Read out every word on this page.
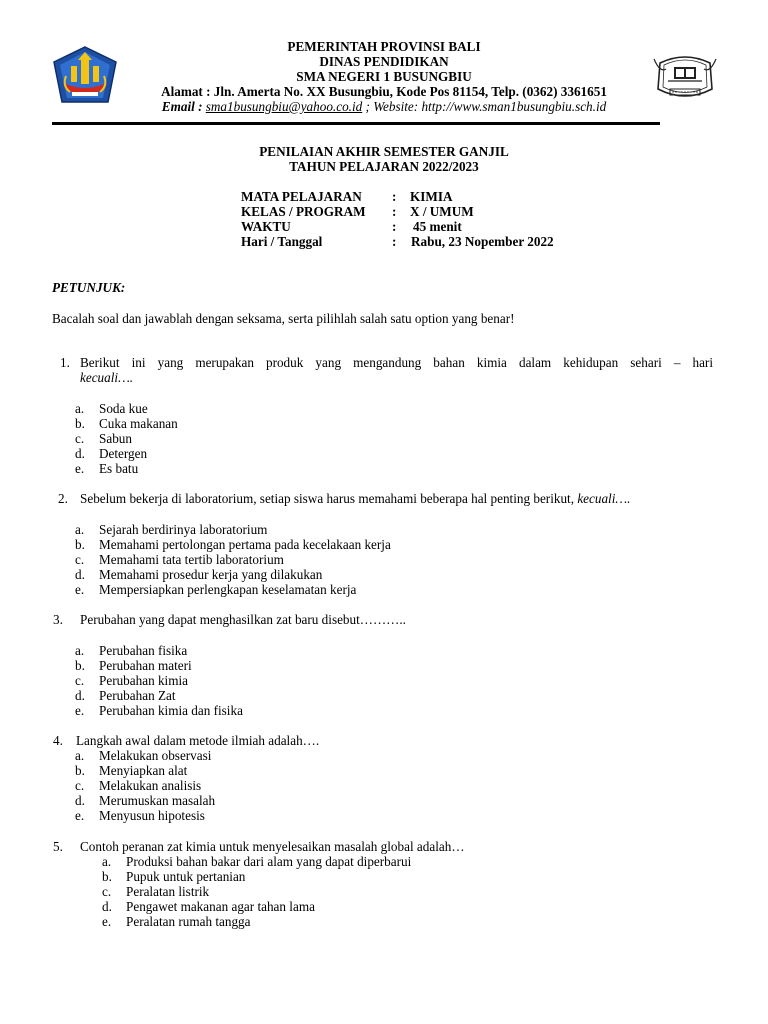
PEMERINTAH PROVINSI BALI
DINAS PENDIDIKAN
SMA NEGERI 1 BUSUNGBIU
Alamat : Jln. Amerta No. XX Busungbiu, Kode Pos 81154, Telp. (0362) 3361651
Email : sma1busungbiu@yahoo.co.id ; Website: http://www.sman1busungbiu.sch.id
PENILAIAN AKHIR SEMESTER GANJIL
TAHUN PELAJARAN 2022/2023
MATA PELAJARAN : KIMIA
KELAS / PROGRAM : X / UMUM
WAKTU	: 45 menit
Hari / Tanggal	: Rabu, 23 Nopember 2022
PETUNJUK:
Bacalah soal dan jawablah dengan seksama, serta pilihlah salah satu option yang benar!
1. Berikut ini yang merupakan produk yang mengandung bahan kimia dalam kehidupan sehari – hari
kecuali….
a. Soda kue
b. Cuka makanan
c. Sabun
d. Detergen
e. Es batu
2. Sebelum bekerja di laboratorium, setiap siswa harus memahami beberapa hal penting berikut, kecuali….
a. Sejarah berdirinya laboratorium
b. Memahami pertolongan pertama pada kecelakaan kerja
c. Memahami tata tertib laboratorium
d. Memahami prosedur kerja yang dilakukan
e. Mempersiapkan perlengkapan keselamatan kerja
3. Perubahan yang dapat menghasilkan zat baru disebut………..
a. Perubahan fisika
b. Perubahan materi
c. Perubahan kimia
d. Perubahan Zat
e. Perubahan kimia dan fisika
4. Langkah awal dalam metode ilmiah adalah….
a. Melakukan observasi
b. Menyiapkan alat
c. Melakukan analisis
d. Merumuskan masalah
e. Menyusun hipotesis
5. Contoh peranan zat kimia untuk menyelesaikan masalah global adalah…
a. Produksi bahan bakar dari alam yang dapat diperbarui
b. Pupuk untuk pertanian
c. Peralatan listrik
d. Pengawet makanan agar tahan lama
e. Peralatan rumah tangga
